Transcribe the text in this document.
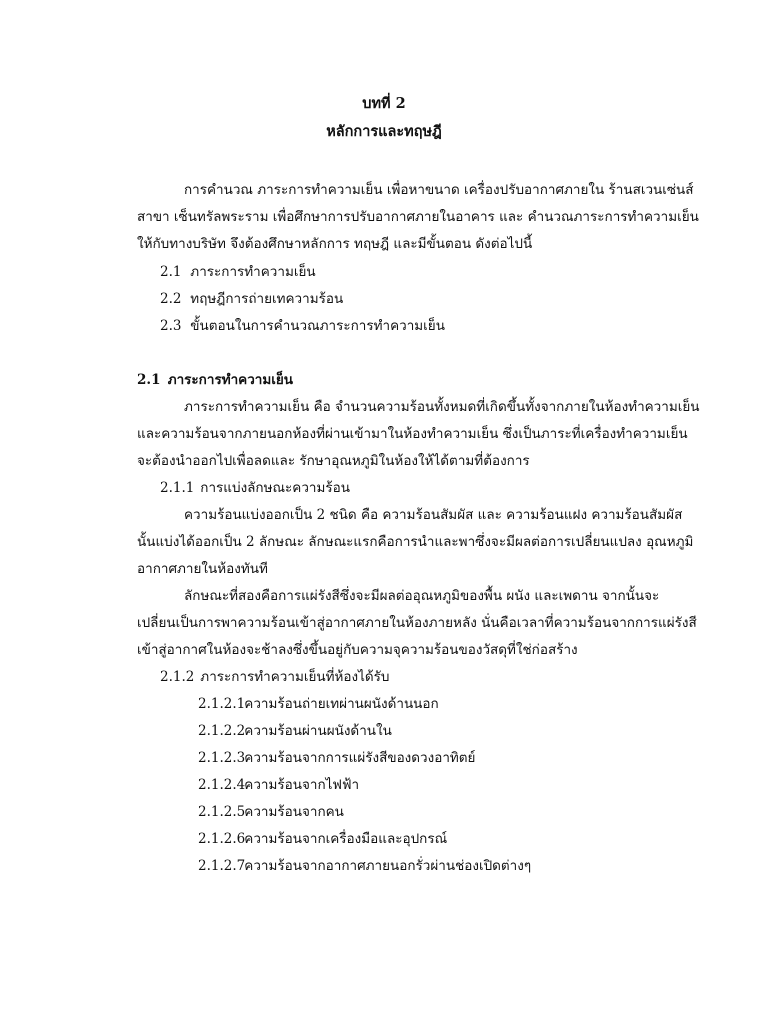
บทที่ 2
หลักการและทฤษฎี
การคำนวณ ภาระการทำความเย็น เพื่อหาขนาด เครื่องปรับอากาศภายใน ร้านสเวนเซ่นส์
สาขา เซ็นทรัลพระราม เพื่อศึกษาการปรับอากาศภายในอาคาร และ คำนวณภาระการทำความเย็น
ให้กับทางบริษัท จึงต้องศึกษาหลักการ ทฤษฎี และมีขั้นตอน ดังต่อไปนี้
2.1 ภาระการทำความเย็น
2.2 ทฤษฎีการถ่ายเทความร้อน
2.3 ขั้นตอนในการคำนวณภาระการทำความเย็น
2.1 ภาระการทำความเย็น
ภาระการทำความเย็น คือ จำนวนความร้อนทั้งหมดที่เกิดขึ้นทั้งจากภายในห้องทำความเย็น
และความร้อนจากภายนอกห้องที่ผ่านเข้ามาในห้องทำความเย็น ซึ่งเป็นภาระที่เครื่องทำความเย็น
จะต้องนำออกไปเพื่อลดและ รักษาอุณหภูมิในห้องให้ได้ตามที่ต้องการ
2.1.1 การแบ่งลักษณะความร้อน
ความร้อนแบ่งออกเป็น 2 ชนิด คือ ความร้อนสัมผัส และ ความร้อนแฝง ความร้อนสัมผัส
นั้นแบ่งได้ออกเป็น 2 ลักษณะ ลักษณะแรกคือการนำและพาซึ่งจะมีผลต่อการเปลี่ยนแปลง อุณหภูมิ
อากาศภายในห้องทันที
ลักษณะที่สองคือการแผ่รังสีซึ่งจะมีผลต่ออุณหภูมิของพื้น ผนัง และเพดาน จากนั้นจะ
เปลี่ยนเป็นการพาความร้อนเข้าสู่อากาศภายในห้องภายหลัง นั่นคือเวลาที่ความร้อนจากการแผ่รังสี
เข้าสู่อากาศในห้องจะช้าลงซึ่งขึ้นอยู่กับความจุความร้อนของวัสดุที่ใช่ก่อสร้าง
2.1.2 ภาระการทำความเย็นที่ห้องได้รับ
2.1.2.1 ความร้อนถ่ายเทผ่านผนังด้านนอก
2.1.2.2 ความร้อนผ่านผนังด้านใน
2.1.2.3 ความร้อนจากการแผ่รังสีของดวงอาทิตย์
2.1.2.4 ความร้อนจากไฟฟ้า
2.1.2.5 ความร้อนจากคน
2.1.2.6 ความร้อนจากเครื่องมือและอุปกรณ์
2.1.2.7 ความร้อนจากอากาศภายนอกรั่วผ่านช่องเปิดต่างๆ
